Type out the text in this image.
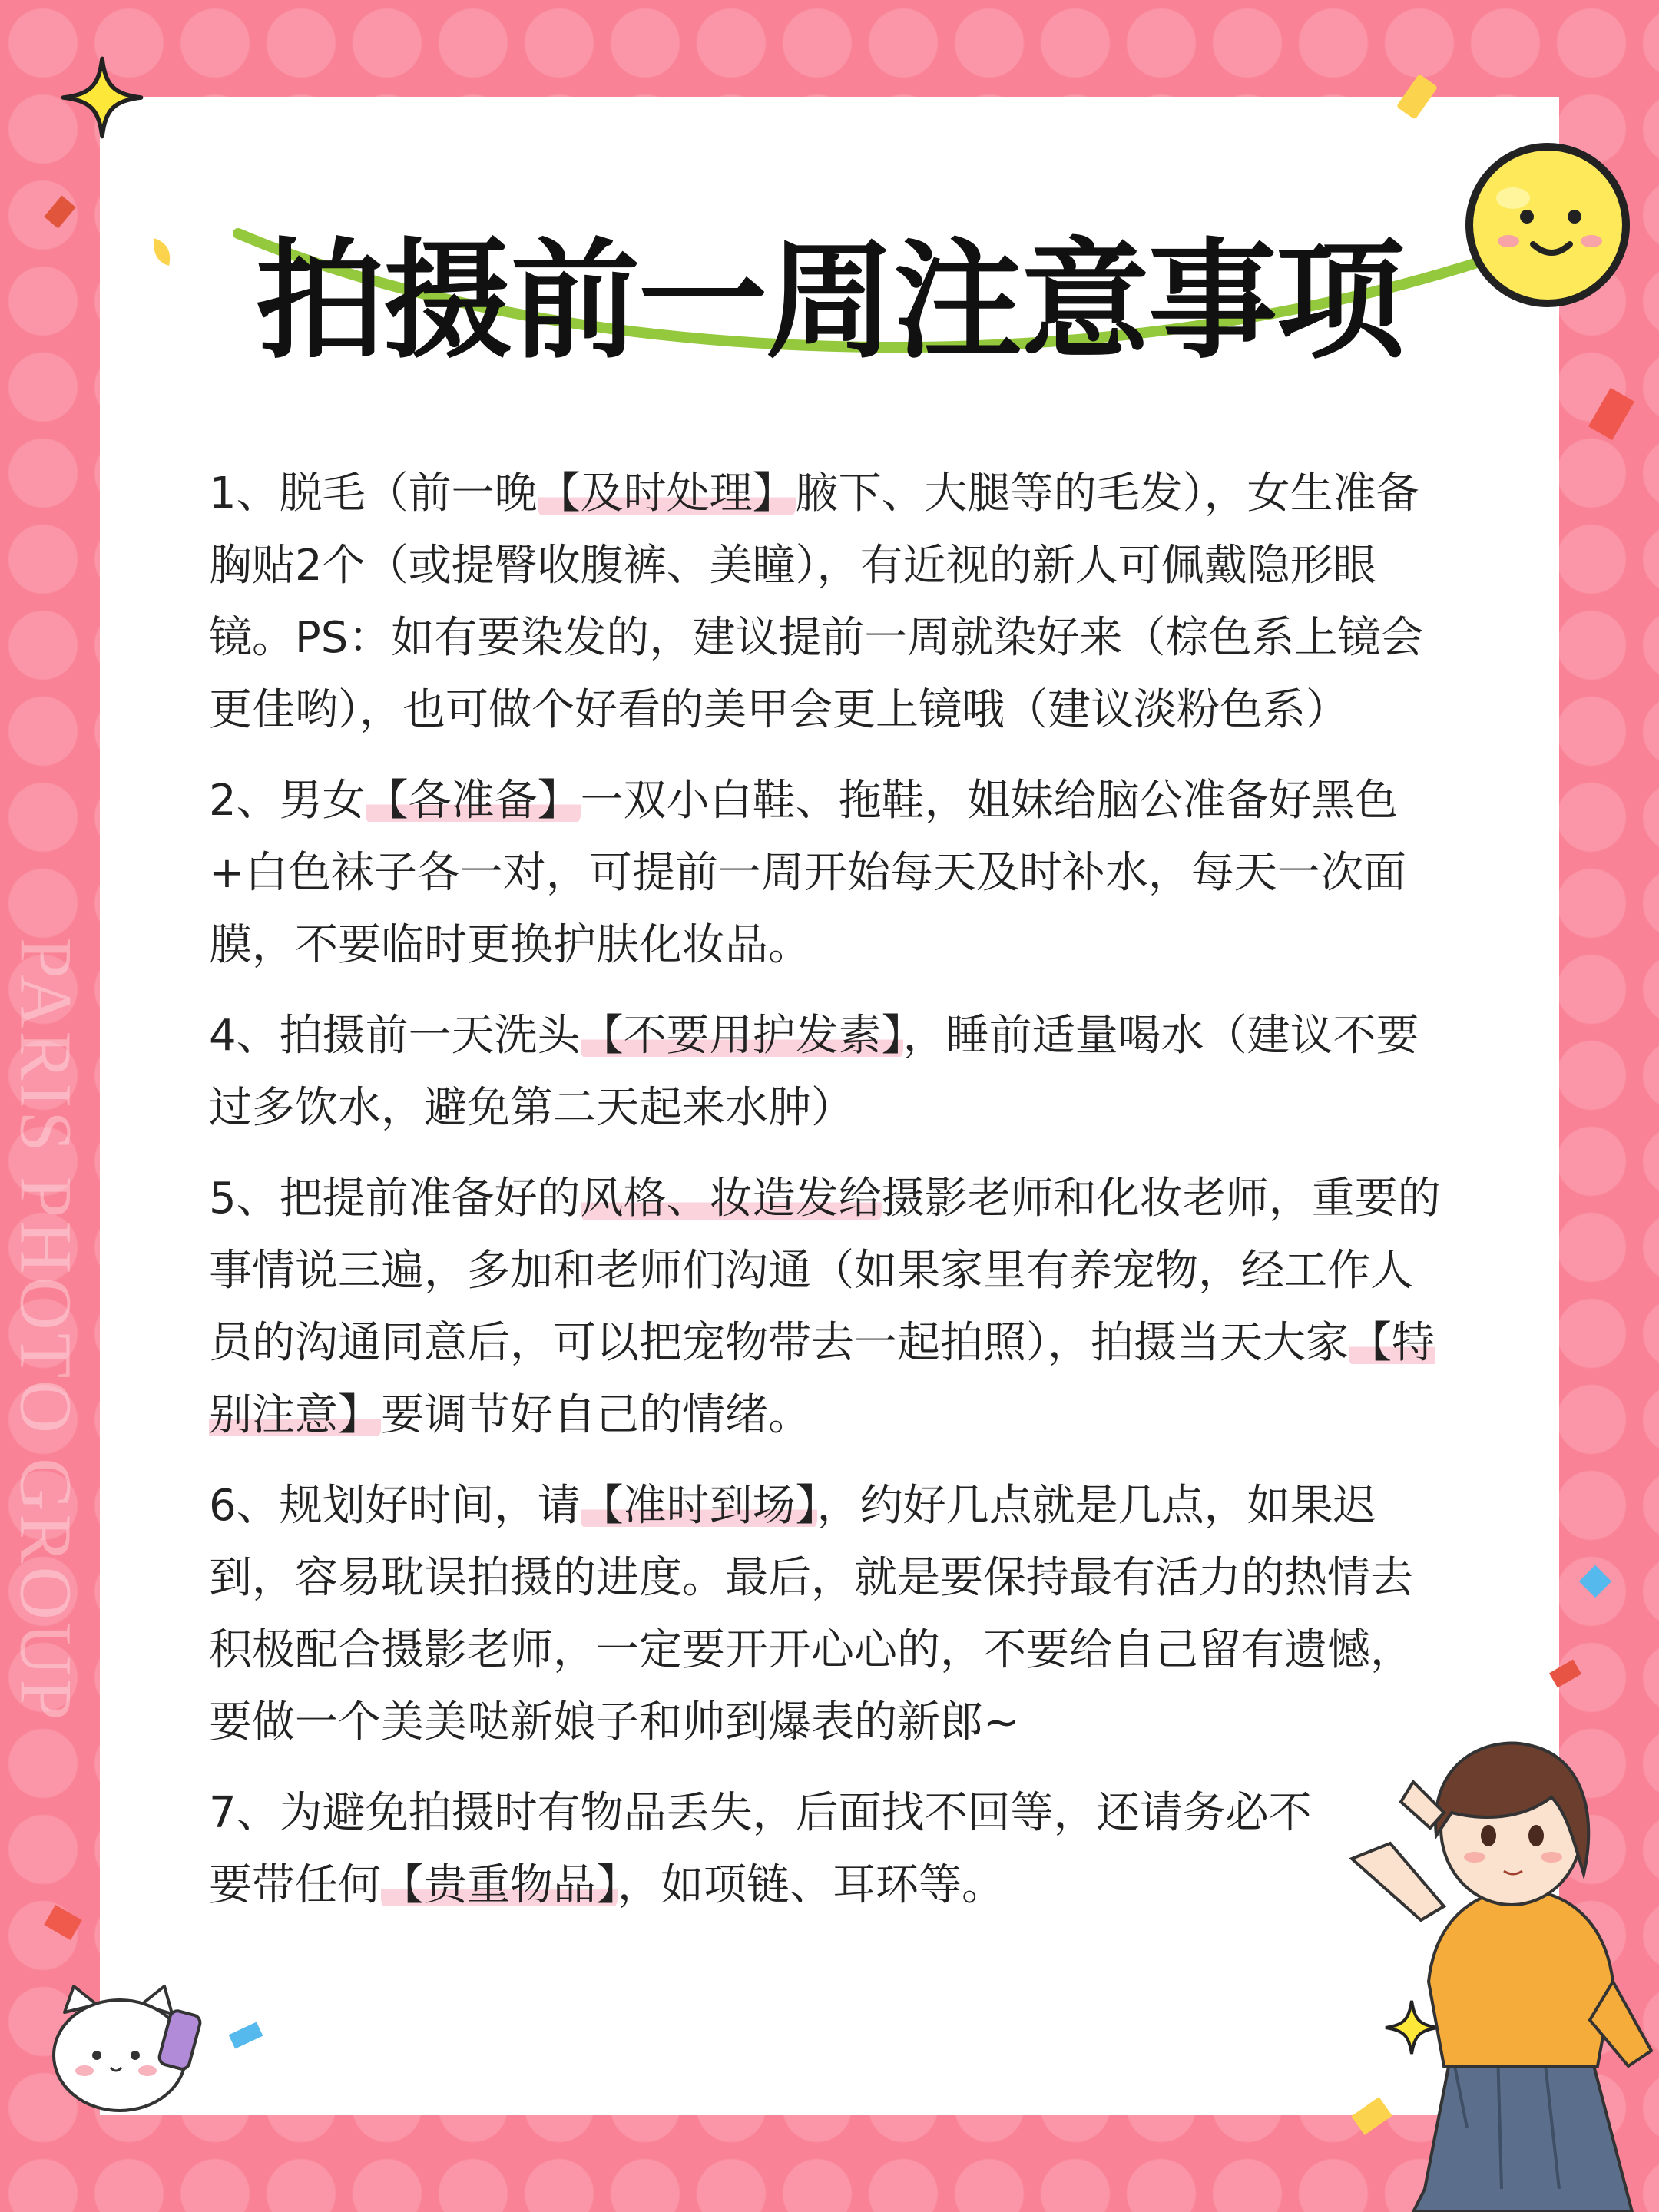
PARIS PHOTO GROUP
拍摄前一周注意事项

1、脱毛（前一晚【及时处理】腋下、大腿等的毛发），女生准备胸贴2个（或提臀收腹裤、美瞳），有近视的新人可佩戴隐形眼镜。PS：如有要染发的，建议提前一周就染好来（棕色系上镜会更佳哟），也可做个好看的美甲会更上镜哦（建议淡粉色系）

2、男女【各准备】一双小白鞋、拖鞋，姐妹给脑公准备好黑色+白色袜子各一对，可提前一周开始每天及时补水，每天一次面膜，不要临时更换护肤化妆品。

4、拍摄前一天洗头【不要用护发素】，睡前适量喝水（建议不要过多饮水，避免第二天起来水肿）

5、把提前准备好的风格、妆造发给摄影老师和化妆老师，重要的事情说三遍，多加和老师们沟通（如果家里有养宠物，经工作人员的沟通同意后，可以把宠物带去一起拍照），拍摄当天大家【特别注意】要调节好自己的情绪。

6、规划好时间，请【准时到场】，约好几点就是几点，如果迟到，容易耽误拍摄的进度。最后，就是要保持最有活力的热情去积极配合摄影老师，一定要开开心心的，不要给自己留有遗憾，要做一个美美哒新娘子和帅到爆表的新郎~

7、为避免拍摄时有物品丢失，后面找不回等，还请务必不要带任何【贵重物品】，如项链、耳环等。
